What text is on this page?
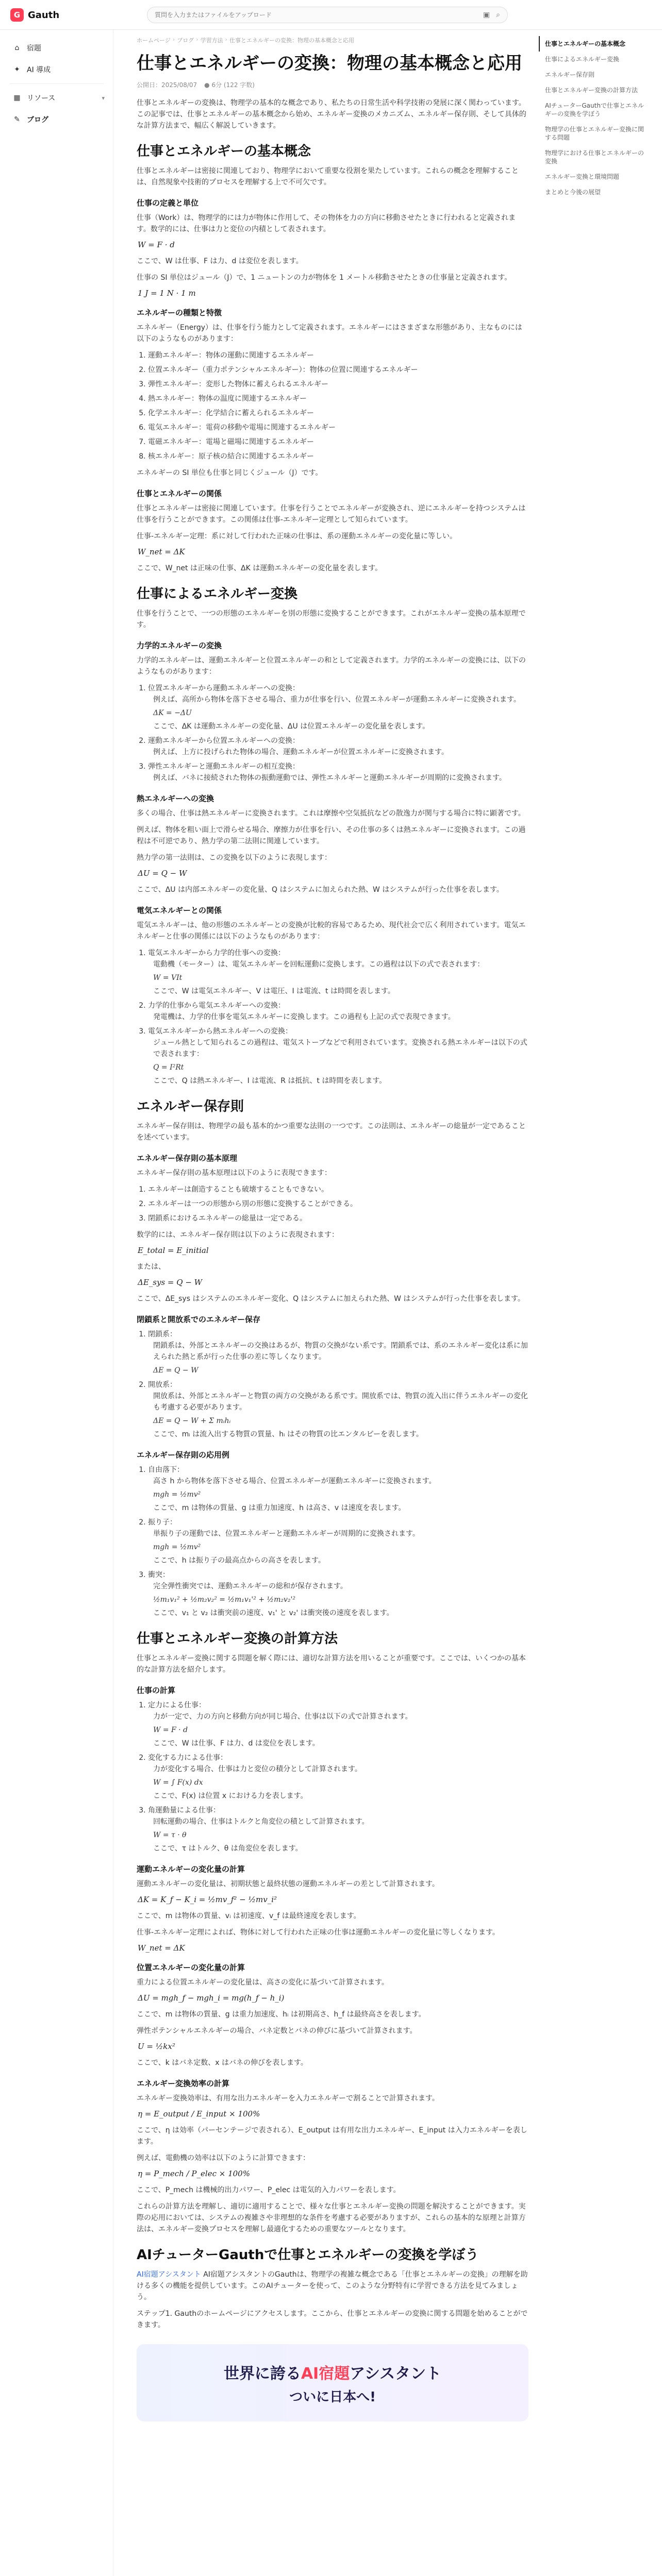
G Gauth
質問を入力またはファイルをアップロード	▣ ⌕
⌂	宿題
✦ AI 導成
▦ リソース	▾
✎ ブログ
ホームページ › ブログ › 学習方法 › 仕事とエネルギーの変換：物理の基本概念と応用
仕事とエネルギーの変換：物理の基本概念と応用
公開日：2025/08/07 ● 6分 (122 字数)

仕事とエネルギーの変換は、物理学の基本的な概念であり、私たちの日常生活や科学技術の発展に深く関わっています。この記事では、仕事とエネルギーの基本概念から始め、エネルギー変換のメカニズム、エネルギー保存則、そして具体的な計算方法まで、幅広く解説していきます。

仕事とエネルギーの基本概念

仕事とエネルギーは密接に関連しており、物理学において重要な役割を果たしています。これらの概念を理解することは、自然現象や技術的プロセスを理解する上で不可欠です。

仕事の定義と単位

仕事（Work）は、物理学的には力が物体に作用して、その物体を力の方向に移動させたときに行われると定義されます。数学的には、仕事は力と変位の内積として表されます。

W = F · d

ここで、W は仕事、F は力、d は変位を表します。

仕事の SI 単位はジュール（J）で、1 ニュートンの力が物体を 1 メートル移動させたときの仕事量と定義されます。

1 J = 1 N · 1 m
エネルギーの種類と特徴

エネルギー（Energy）は、仕事を行う能力として定義されます。エネルギーにはさまざまな形態があり、主なものには以下のようなものがあります：

1. 運動エネルギー：物体の運動に関連するエネルギー
2. 位置エネルギー（重力ポテンシャルエネルギー）：物体の位置に関連するエネルギー
3. 弾性エネルギー：変形した物体に蓄えられるエネルギー
4. 熱エネルギー：物体の温度に関連するエネルギー
5. 化学エネルギー：化学結合に蓄えられるエネルギー
6. 電気エネルギー：電荷の移動や電場に関連するエネルギー
7. 電磁エネルギー：電場と磁場に関連するエネルギー
8. 核エネルギー：原子核の結合に関連するエネルギー

エネルギーの SI 単位も仕事と同じくジュール（J）です。

仕事とエネルギーの関係

仕事とエネルギーは密接に関連しています。仕事を行うことでエネルギーが変換され、逆にエネルギーを持つシステムは仕事を行うことができます。この関係は仕事-エネルギー定理として知られています。

仕事-エネルギー定理：系に対して行われた正味の仕事は、系の運動エネルギーの変化量に等しい。

W_net = ΔK

ここで、W_net は正味の仕事、ΔK は運動エネルギーの変化量を表します。

仕事によるエネルギー変換

仕事を行うことで、一つの形態のエネルギーを別の形態に変換することができます。これがエネルギー変換の基本原理です。

力学的エネルギーの変換

力学的エネルギーは、運動エネルギーと位置エネルギーの和として定義されます。力学的エネルギーの変換には、以下のようなものがあります：

1. 位置エネルギーから運動エネルギーへの変換：
例えば、高所から物体を落下させる場合、重力が仕事を行い、位置エネルギーが運動エネルギーに変換されます。
ΔK = −ΔU
ここで、ΔK は運動エネルギーの変化量、ΔU は位置エネルギーの変化量を表します。
2. 運動エネルギーから位置エネルギーへの変換：
例えば、上方に投げられた物体の場合、運動エネルギーが位置エネルギーに変換されます。
3. 弾性エネルギーと運動エネルギーの相互変換：
例えば、バネに接続された物体の振動運動では、弾性エネルギーと運動エネルギーが周期的に変換されます。
熱エネルギーへの変換

多くの場合、仕事は熱エネルギーに変換されます。これは摩擦や空気抵抗などの散逸力が関与する場合に特に顕著です。

例えば、物体を粗い面上で滑らせる場合、摩擦力が仕事を行い、その仕事の多くは熱エネルギーに変換されます。この過程は不可逆であり、熱力学の第二法則に関連しています。

熱力学の第一法則は、この変換を以下のように表現します：

ΔU = Q − W

ここで、ΔU は内部エネルギーの変化量、Q はシステムに加えられた熱、W はシステムが行った仕事を表します。

電気エネルギーとの関係

電気エネルギーは、他の形態のエネルギーとの変換が比較的容易であるため、現代社会で広く利用されています。電気エネルギーと仕事の関係には以下のようなものがあります：

1. 電気エネルギーから力学的仕事への変換：
電動機（モーター）は、電気エネルギーを回転運動に変換します。この過程は以下の式で表されます：
W = VIt
ここで、W は電気エネルギー、V は電圧、I は電流、t は時間を表します。
2. 力学的仕事から電気エネルギーへの変換：
発電機は、力学的仕事を電気エネルギーに変換します。この過程も上記の式で表現できます。
3. 電気エネルギーから熱エネルギーへの変換：
ジュール熱として知られるこの過程は、電気ストーブなどで利用されています。変換される熱エネルギーは以下の式で表されます：
Q = I²Rt
ここで、Q は熱エネルギー、I は電流、R は抵抗、t は時間を表します。
エネルギー保存則

エネルギー保存則は、物理学の最も基本的かつ重要な法則の一つです。この法則は、エネルギーの総量が一定であることを述べています。

エネルギー保存則の基本原理

エネルギー保存則の基本原理は以下のように表現できます：

1. エネルギーは創造することも破壊することもできない。
2. エネルギーは一つの形態から別の形態に変換することができる。
3. 閉鎖系におけるエネルギーの総量は一定である。

数学的には、エネルギー保存則は以下のように表現されます：

E_total = E_initial

または、

ΔE_sys = Q − W

ここで、ΔE_sys はシステムのエネルギー変化、Q はシステムに加えられた熱、W はシステムが行った仕事を表します。

閉鎖系と開放系でのエネルギー保存
1. 閉鎖系：
閉鎖系は、外部とエネルギーの交換はあるが、物質の交換がない系です。閉鎖系では、系のエネルギー変化は系に加えられた熱と系が行った仕事の差に等しくなります。
ΔE = Q − W
2. 開放系：
開放系は、外部とエネルギーと物質の両方の交換がある系です。開放系では、物質の流入出に伴うエネルギーの変化も考慮する必要があります。
ΔE = Q − W + Σ mᵢhᵢ
ここで、mᵢ は流入出する物質の質量、hᵢ はその物質の比エンタルピーを表します。
エネルギー保存則の応用例
1. 自由落下：
高さ h から物体を落下させる場合、位置エネルギーが運動エネルギーに変換されます。
mgh = ½mv²
ここで、m は物体の質量、g は重力加速度、h は高さ、v は速度を表します。
2. 振り子：
単振り子の運動では、位置エネルギーと運動エネルギーが周期的に変換されます。
mgh = ½mv²
ここで、h は振り子の最高点からの高さを表します。
3. 衝突：
完全弾性衝突では、運動エネルギーの総和が保存されます。
½m₁v₁² + ½m₂v₂² = ½m₁v₁'² + ½m₂v₂'²
ここで、v₁ と v₂ は衝突前の速度、v₁' と v₂' は衝突後の速度を表します。
仕事とエネルギー変換の計算方法

仕事とエネルギー変換に関する問題を解く際には、適切な計算方法を用いることが重要です。ここでは、いくつかの基本的な計算方法を紹介します。

仕事の計算
1. 定力による仕事：
力が一定で、力の方向と移動方向が同じ場合、仕事は以下の式で計算されます。
W = F · d
ここで、W は仕事、F は力、d は変位を表します。
2. 変化する力による仕事：
力が変化する場合、仕事は力と変位の積分として計算されます。
W = ∫ F(x) dx
ここで、F(x) は位置 x における力を表します。
3. 角運動量による仕事：
回転運動の場合、仕事はトルクと角変位の積として計算されます。
W = τ · θ
ここで、τ はトルク、θ は角変位を表します。
運動エネルギーの変化量の計算

運動エネルギーの変化量は、初期状態と最終状態の運動エネルギーの差として計算されます。

ΔK = K_f − K_i = ½mv_f² − ½mv_i²

ここで、m は物体の質量、vᵢ は初速度、v_f は最終速度を表します。

仕事-エネルギー定理によれば、物体に対して行われた正味の仕事は運動エネルギーの変化量に等しくなります。

W_net = ΔK
位置エネルギーの変化量の計算

重力による位置エネルギーの変化量は、高さの変化に基づいて計算されます。

ΔU = mgh_f − mgh_i = mg(h_f − h_i)

ここで、m は物体の質量、g は重力加速度、hᵢ は初期高さ、h_f は最終高さを表します。

弾性ポテンシャルエネルギーの場合、バネ定数とバネの伸びに基づいて計算されます。

U = ½kx²

ここで、k はバネ定数、x はバネの伸びを表します。

エネルギー変換効率の計算

エネルギー変換効率は、有用な出力エネルギーを入力エネルギーで割ることで計算されます。

η = E_output / E_input × 100%

ここで、η は効率（パーセンテージで表される）、E_output は有用な出力エネルギー、E_input は入力エネルギーを表します。

例えば、電動機の効率は以下のように計算できます：

η = P_mech / P_elec × 100%

ここで、P_mech は機械的出力パワー、P_elec は電気的入力パワーを表します。

これらの計算方法を理解し、適切に適用することで、様々な仕事とエネルギー変換の問題を解決することができます。実際の応用においては、システムの複雑さや非理想的な条件を考慮する必要がありますが、これらの基本的な原理と計算方法は、エネルギー変換プロセスを理解し最適化するための重要なツールとなります。

AIチューターGauthで仕事とエネルギーの変換を学ぼう

AI宿題アシスタント AI宿題アシスタントのGauthは、物理学の複雑な概念である「仕事とエネルギーの変換」の理解を助ける多くの機能を提供しています。このAIチューターを使って、このような分野特有に学習できる方法を見てみましょう。

ステップ1. Gauthのホームページにアクセスします。ここから、仕事とエネルギーの変換に関する問題を始めることができます。

世界に誇るAI宿題アシスタント
ついに日本へ!
仕事とエネルギーの基本概念
仕事によるエネルギー変換
エネルギー保存則
仕事とエネルギー変換の計算方法
AIチューターGauthで仕事とエネルギーの変換を学ぼう
物理学の仕事とエネルギー変換に関する問題
物理学における仕事とエネルギーの変換
エネルギー変換と環境問題
まとめと今後の展望
